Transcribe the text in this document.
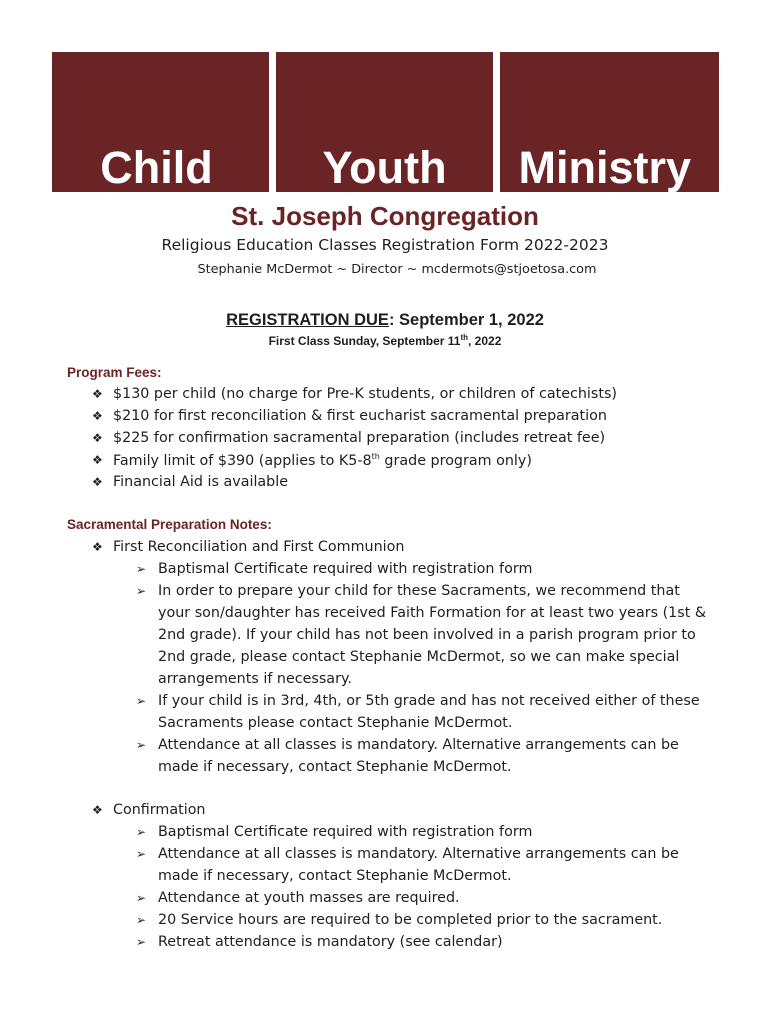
Child	Youth	Ministry
St. Joseph Congregation
Religious Education Classes Registration Form 2022-2023
Stephanie McDermot ~ Director ~ mcdermots@stjoetosa.com
REGISTRATION DUE: September 1, 2022
First Class Sunday, September 11th, 2022
Program Fees:
❖ $130 per child (no charge for Pre-K students, or children of catechists)
❖ $210 for first reconciliation & first eucharist sacramental preparation
❖ $225 for confirmation sacramental preparation (includes retreat fee)
❖ Family limit of $390 (applies to K5-8th grade program only)
❖ Financial Aid is available
Sacramental Preparation Notes:
❖ First Reconciliation and First Communion
➢ Baptismal Certificate required with registration form
➢ In order to prepare your child for these Sacraments, we recommend that
your son/daughter has received Faith Formation for at least two years (1st &
2nd grade). If your child has not been involved in a parish program prior to
2nd grade, please contact Stephanie McDermot, so we can make special
arrangements if necessary.
➢ If your child is in 3rd, 4th, or 5th grade and has not received either of these
Sacraments please contact Stephanie McDermot.
➢ Attendance at all classes is mandatory. Alternative arrangements can be
made if necessary, contact Stephanie McDermot.
❖ Confirmation
➢ Baptismal Certificate required with registration form
➢ Attendance at all classes is mandatory. Alternative arrangements can be
made if necessary, contact Stephanie McDermot.
➢ Attendance at youth masses are required.
➢ 20 Service hours are required to be completed prior to the sacrament.
➢ Retreat attendance is mandatory (see calendar)
